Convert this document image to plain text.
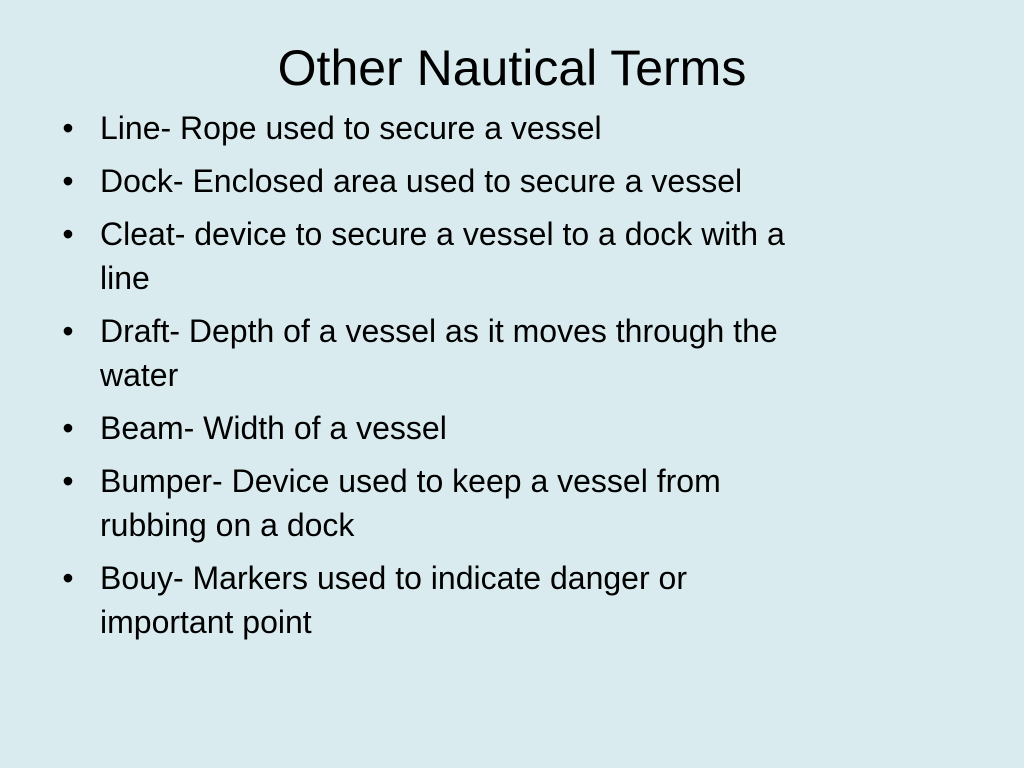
Other Nautical Terms
• Line- Rope used to secure a vessel
• Dock- Enclosed area used to secure a vessel
• Cleat- device to secure a vessel to a dock with a
line
• Draft- Depth of a vessel as it moves through the
water
• Beam- Width of a vessel
• Bumper- Device used to keep a vessel from
rubbing on a dock
• Bouy- Markers used to indicate danger or
important point
